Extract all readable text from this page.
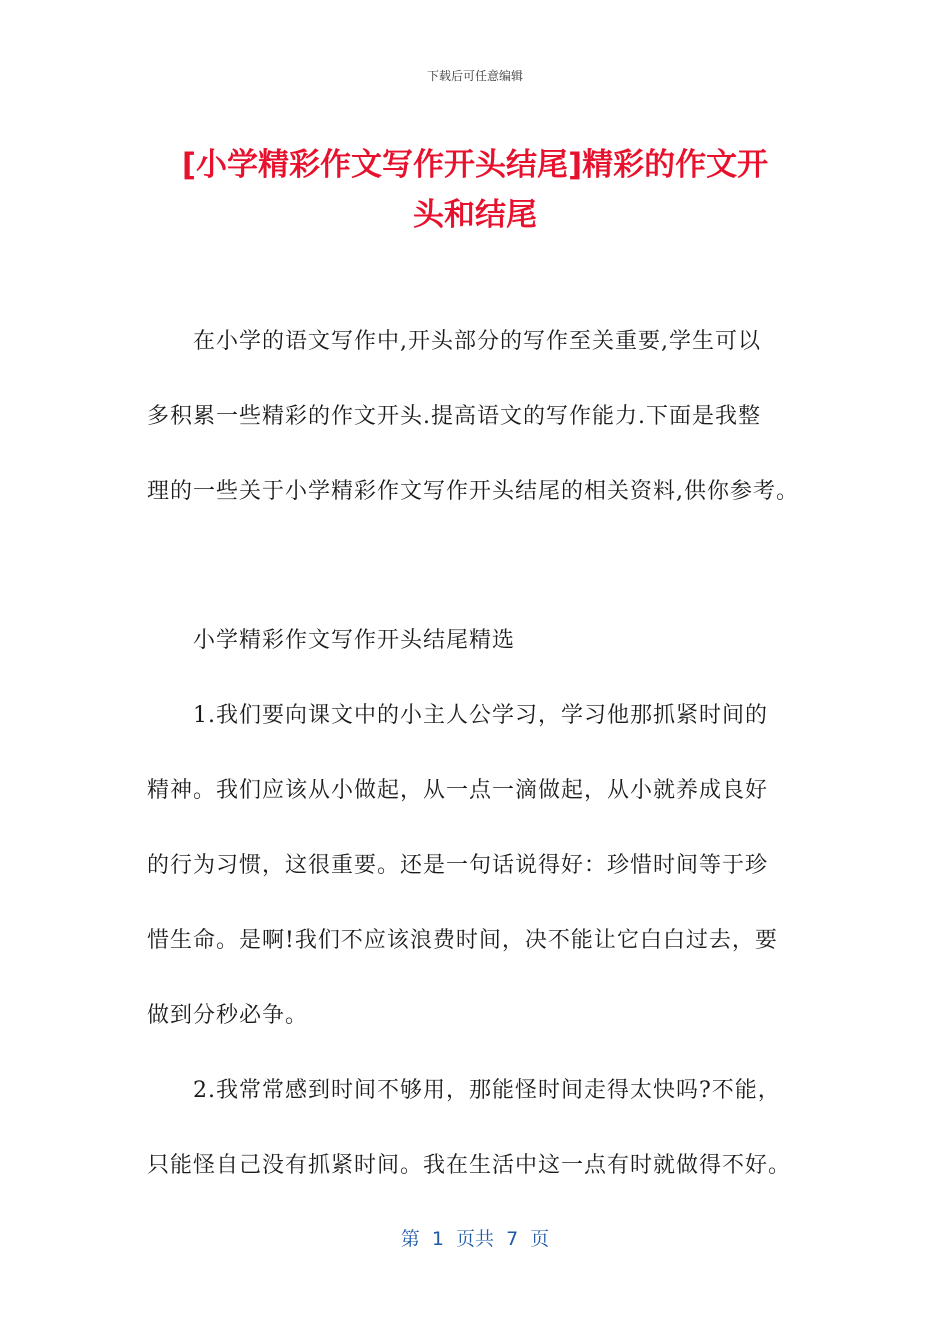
下载后可任意编辑
[小学精彩作文写作开头结尾]精彩的作文开
头和结尾
在小学的语文写作中,开头部分的写作至关重要,学生可以
多积累一些精彩的作文开头.提高语文的写作能力.下面是我整
理的一些关于小学精彩作文写作开头结尾的相关资料,供你参考。
小学精彩作文写作开头结尾精选
1.我们要向课文中的小主人公学习，学习他那抓紧时间的
精神。我们应该从小做起，从一点一滴做起，从小就养成良好
的行为习惯，这很重要。还是一句话说得好：珍惜时间等于珍
惜生命。是啊!我们不应该浪费时间，决不能让它白白过去，要
做到分秒必争。
2.我常常感到时间不够用，那能怪时间走得太快吗?不能，
只能怪自己没有抓紧时间。我在生活中这一点有时就做得不好。
第  1  页共  7  页
